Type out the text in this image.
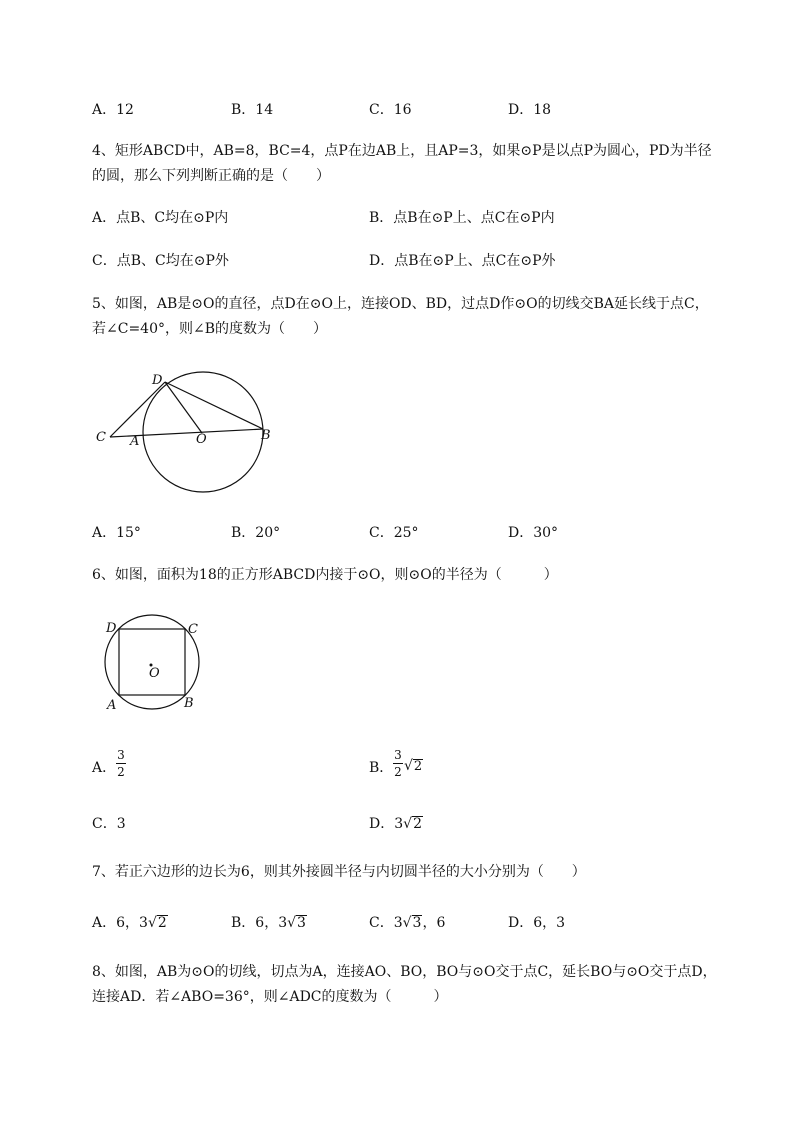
A．12	B．14	C．16	D．18
4、矩形ABCD中，AB=8，BC=4，点P在边AB上，且AP=3，如果⊙P是以点P为圆心，PD为半径
的圆，那么下列判断正确的是（　　）
A．点B、C均在⊙P内	B．点B在⊙P上、点C在⊙P内
C．点B、C均在⊙P外	D．点B在⊙P上、点C在⊙P外
5、如图，AB是⊙O的直径，点D在⊙O上，连接OD、BD，过点D作⊙O的切线交BA延长线于点C，
若∠C=40°，则∠B的度数为（　　）
D
C A	O	B
A．15°	B．20°	C．25°	D．30°
6、如图，面积为18的正方形ABCD内接于⊙O，则⊙O的半径为（　　　）
D	C
O
A	B
A．
3
2	B．
3
2 √2
C．3	D．3√2
7、若正六边形的边长为6，则其外接圆半径与内切圆半径的大小分别为（　　）
A．6，3√2	B．6，3√3	C．3√3，6	D．6，3
8、如图，AB为⊙O的切线，切点为A，连接AO、BO，BO与⊙O交于点C，延长BO与⊙O交于点D，
连接AD．若∠ABO=36°，则∠ADC的度数为（　　　）
